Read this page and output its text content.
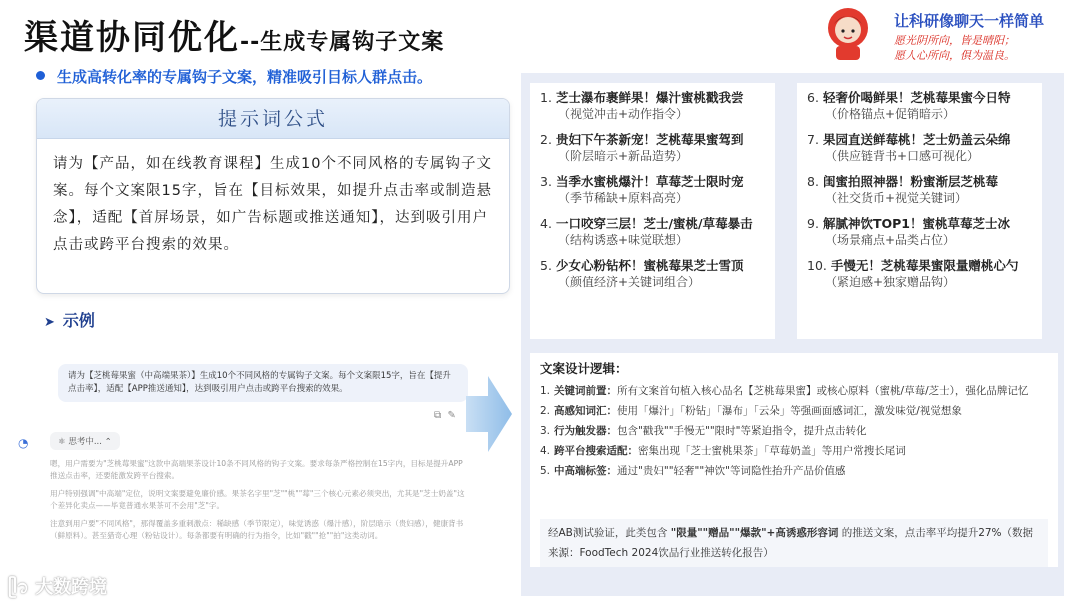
渠道协同优化--生成专属钩子文案
让科研像聊天一样简单
愿光阴所向，皆是晴阳；
愿人心所向，俱为温良。
生成高转化率的专属钩子文案，精准吸引目标人群点击。
提示词公式
请为【产品，如在线教育课程】生成10个不同风格的专属钩子文案。每个文案限15字，旨在【目标效果，如提升点击率或制造悬念】，适配【首屏场景，如广告标题或推送通知】，达到吸引用户点击或跨平台搜索的效果。
➤ 示例
请为【芝桃莓果蜜（中高端果茶）】生成10个不同风格的专属钩子文案。每个文案限15字，旨在【提升点击率】，适配【APP推送通知】，达到吸引用户点击或跨平台搜索的效果。
⧉ ✎
◔	⚛ 思考中... ⌃

嗯，用户需要为"芝桃莓果蜜"这款中高端果茶设计10条不同风格的钩子文案。要求每条严格控制在15字内，目标是提升APP推送点击率，还要能激发跨平台搜索。

用户特别强调"中高端"定位，说明文案要避免廉价感。果茶名字里"芝""桃""莓"三个核心元素必须突出，尤其是"芝士奶盖"这个差异化卖点——毕竟普通水果茶可不会用"芝"字。

注意到用户要"不同风格"，那得覆盖多重刺激点：稀缺感（季节限定），味觉诱惑（爆汁感），阶层暗示（贵妇感），健康背书（鲜原料）。甚至猎奇心理（粉钻设计）。每条都要有明确的行为指令，比如"戳""抢""拍"这类动词。

1. 芝士瀑布裹鲜果！爆汁蜜桃戳我尝
（视觉冲击+动作指令）
2. 贵妇下午茶新宠！芝桃莓果蜜驾到
（阶层暗示+新品造势）
3. 当季水蜜桃爆汁！草莓芝士限时宠
（季节稀缺+原料高亮）
4. 一口咬穿三层！芝士/蜜桃/草莓暴击
（结构诱惑+味觉联想）
5. 少女心粉钻杯！蜜桃莓果芝士雪顶
（颜值经济+关键词组合）
6. 轻奢价喝鲜果！芝桃莓果蜜今日特
（价格锚点+促销暗示）
7. 果园直送鲜莓桃！芝士奶盖云朵绵
（供应链背书+口感可视化）
8. 闺蜜拍照神器！粉蜜渐层芝桃莓
（社交货币+视觉关键词）
9. 解腻神饮TOP1！蜜桃草莓芝士冰
（场景痛点+品类占位）
10. 手慢无！芝桃莓果蜜限量赠桃心勺
（紧迫感+独家赠品钩）
文案设计逻辑：
1. 关键词前置：所有文案首句植入核心品名【芝桃莓果蜜】或核心原料（蜜桃/草莓/芝士），强化品牌记忆
2. 高感知词汇：使用「爆汁」「粉钻」「瀑布」「云朵」等强画面感词汇，激发味觉/视觉想象
3. 行为触发器：包含"戳我""手慢无""限时"等紧迫指令，提升点击转化
4. 跨平台搜索适配：密集出现「芝士蜜桃果茶」「草莓奶盖」等用户常搜长尾词
5. 中高端标签：通过"贵妇""轻奢""神饮"等词隐性抬升产品价值感
经AB测试验证，此类包含 "限量""赠品""爆款"+高诱惑形容词 的推送文案，点击率平均提升27%（数据来源：FoodTech 2024饮品行业推送转化报告）
ᥫ᭡ 大数跨境
